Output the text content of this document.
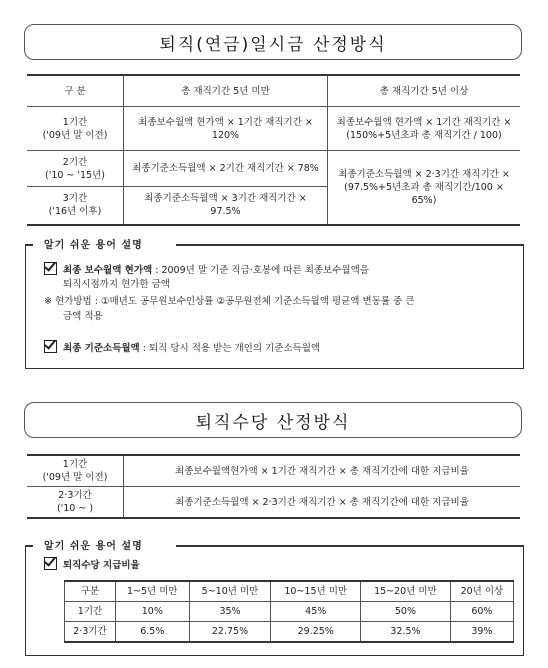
퇴직(연금)일시금 산정방식
구 분	총 재직기간 5년 미만	총 재직기간 5년 이상

1기간
('09년 말 이전)	최종보수월액 현가액 × 1기간 재직기간 × 120%	최종보수월액 현가액 × 1기간 재직기간 × (150%+5년초과 총 재직기간 / 100)

2기간
('10 ~ '15년)	최종기준소득월액 × 2기간 재직기간 × 78%	최종기준소득월액 × 2·3기간 재직기간 × (97.5%+5년초과 총 재직기간/100 × 65%)

3기간
('16년 이후)	최종기준소득월액 × 3기간 재직기간 × 97.5%	
알기 쉬운 용어 설명
최종 보수월액 현가액 : 2009년 말 기준 직급·호봉에 따른 최종보수월액을
퇴직시점까지 현가한 금액
※ 현가방법 : ①매년도 공무원보수인상률 ②공무원전체 기준소득월액 평균액 변동률 중 큰
금액 적용
최종 기준소득월액 : 퇴직 당시 적용 받는 개인의 기준소득월액
퇴직수당 산정방식
1기간
('09년 말 이전)	최종보수월액현가액 × 1기간 재직기간 × 총 재직기간에 대한 지급비율

2·3기간
('10 ~ )	최종기준소득월액 × 2·3기간 재직기간 × 총 재직기간에 대한 지급비율
알기 쉬운 용어 설명
퇴직수당 지급비율
구분	1~5년 미만	5~10년 미만	10~15년 미만	15~20년 미만	20년 이상
1기간	10%	35%	45%	50%	60%
2·3기간	6.5%	22.75%	29.25%	32.5%	39%
